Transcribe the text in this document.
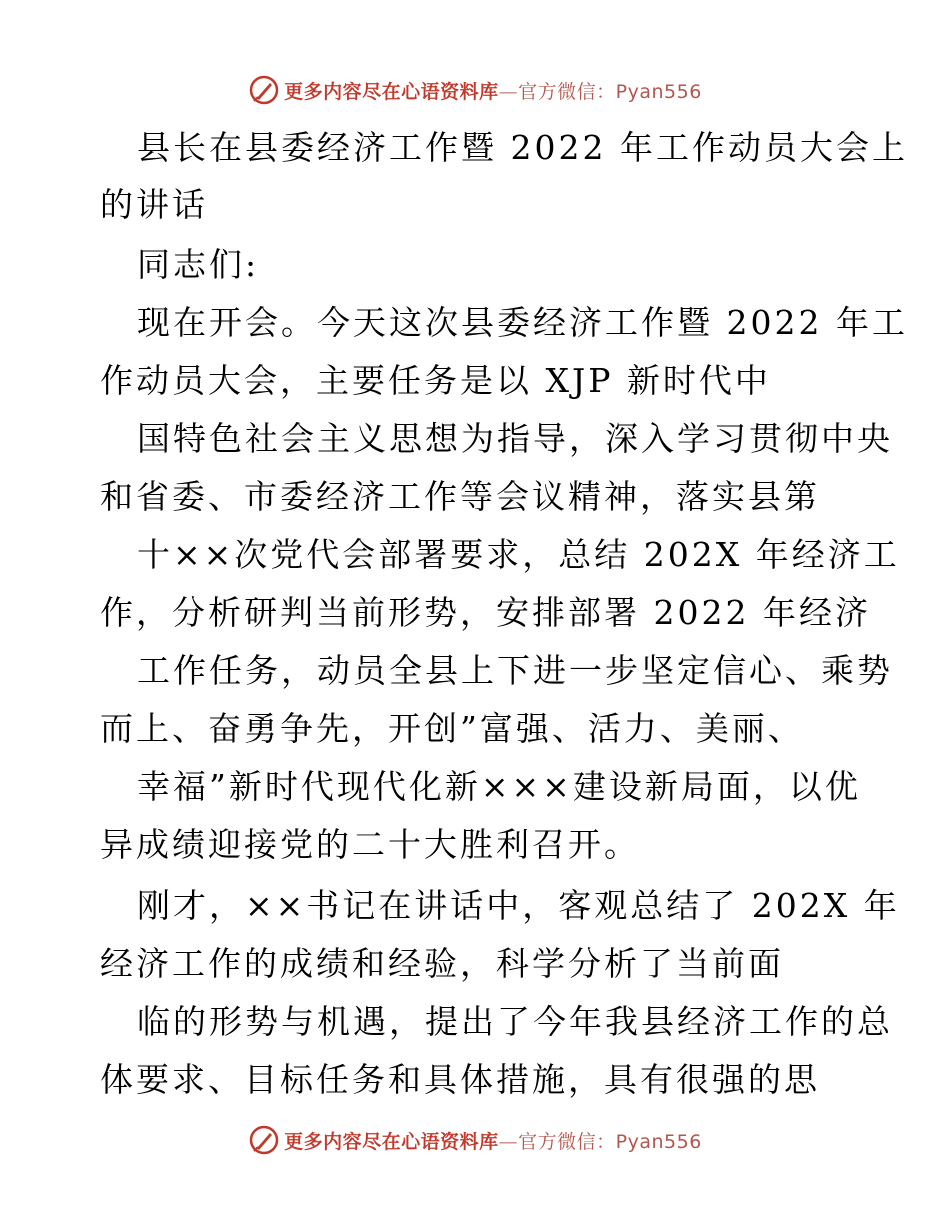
更多内容尽在心语资料库—官方微信：Pyan556
县长在县委经济工作暨 2022 年工作动员大会上
的讲话
同志们:
现在开会。今天这次县委经济工作暨 2022 年工
作动员大会，主要任务是以 XJP 新时代中
国特色社会主义思想为指导，深入学习贯彻中央
和省委、市委经济工作等会议精神，落实县第
十××次党代会部署要求，总结 202X 年经济工
作，分析研判当前形势，安排部署 2022 年经济
工作任务，动员全县上下进一步坚定信心、乘势
而上、奋勇争先，开创”富强、活力、美丽、
幸福”新时代现代化新×××建设新局面，以优
异成绩迎接党的二十大胜利召开。
刚才，××书记在讲话中，客观总结了 202X 年
经济工作的成绩和经验，科学分析了当前面
临的形势与机遇，提出了今年我县经济工作的总
体要求、目标任务和具体措施，具有很强的思
更多内容尽在心语资料库—官方微信：Pyan556
